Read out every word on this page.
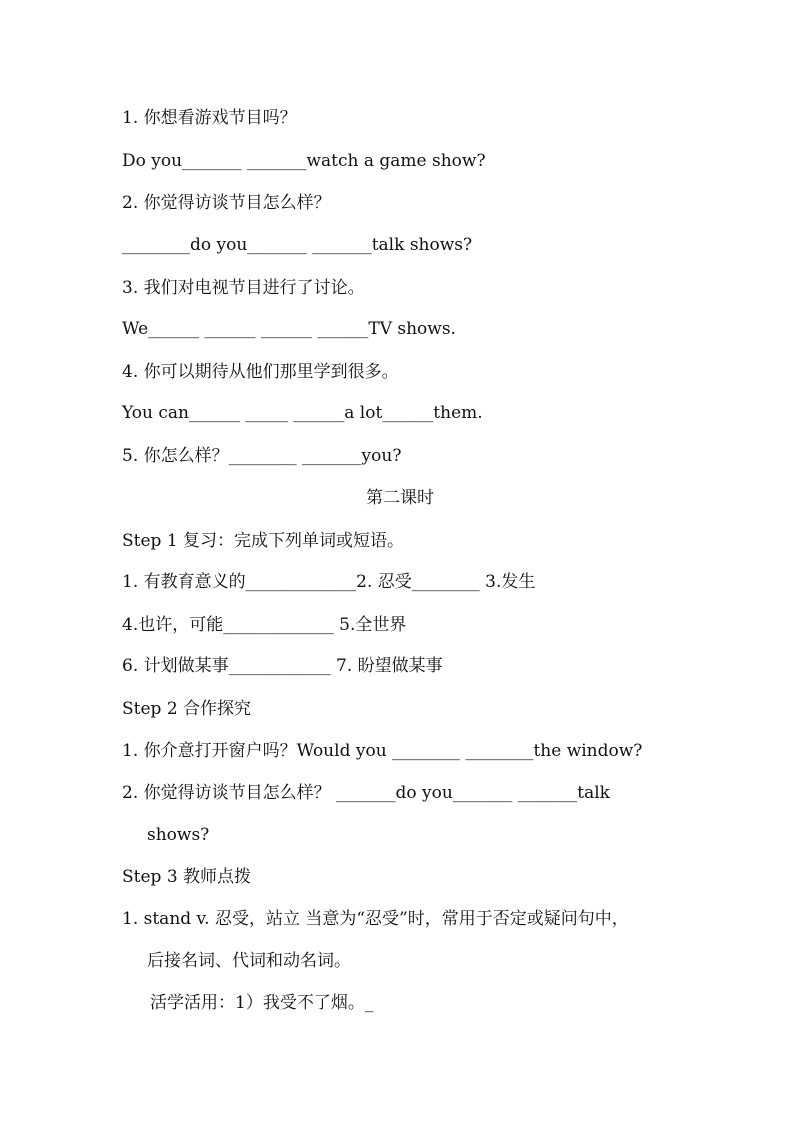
1. 你想看游戏节目吗？
Do you_______ _______watch a game show?
2. 你觉得访谈节目怎么样？
________do you_______ _______talk shows?
3. 我们对电视节目进行了讨论。
We______ ______ ______ ______TV shows.
4. 你可以期待从他们那里学到很多。
You can______ _____ ______a lot______them.
5. 你怎么样？________ _______you?
第二课时
Step 1 复习：完成下列单词或短语。
1. 有教育意义的_____________2. 忍受________ 3.发生
4.也许，可能_____________ 5.全世界
6. 计划做某事____________ 7. 盼望做某事
Step 2 合作探究
1. 你介意打开窗户吗？Would you ________ ________the window?
2. 你觉得访谈节目怎么样？ _______do you_______ _______talk
shows?
Step 3 教师点拨
1. stand v. 忍受，站立 当意为“忍受”时，常用于否定或疑问句中，
后接名词、代词和动名词。
活学活用：1）我受不了烟。_
